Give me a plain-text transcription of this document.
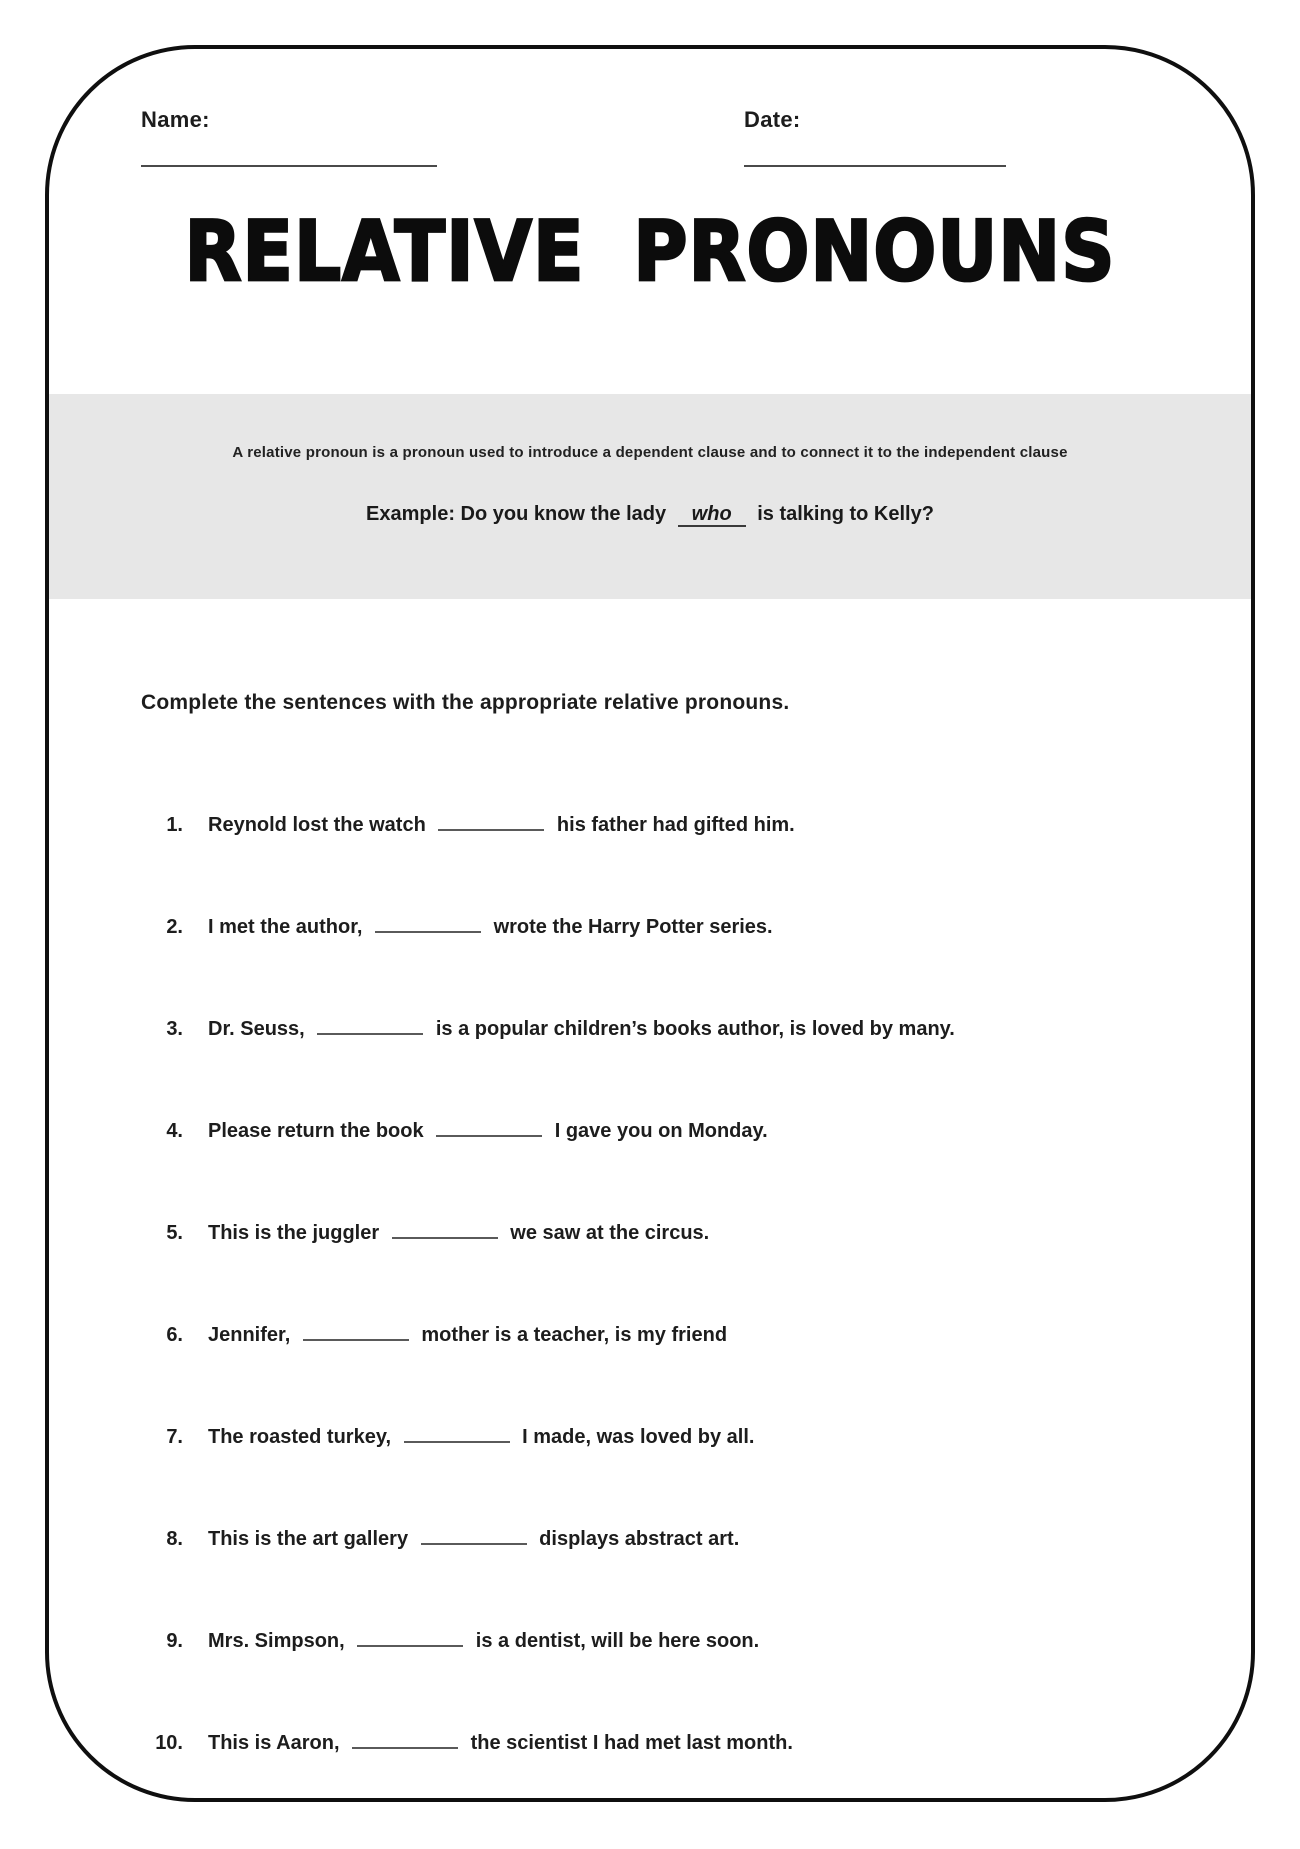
Name:	Date:
RELATIVE PRONOUNS
A relative pronoun is a pronoun used to introduce a dependent clause and to connect it to the independent clause
Example: Do you know the lady who is talking to Kelly?
Complete the sentences with the appropriate relative pronouns.
1. Reynold lost the watch	his father had gifted him.
2. I met the author,	wrote the Harry Potter series.
3. Dr. Seuss,	is a popular children’s books author, is loved by many.
4. Please return the book	I gave you on Monday.
5. This is the juggler	we saw at the circus.
6. Jennifer,	mother is a teacher, is my friend
7. The roasted turkey,	I made, was loved by all.
8. This is the art gallery	displays abstract art.
9. Mrs. Simpson,	is a dentist, will be here soon.
10. This is Aaron,	the scientist I had met last month.
